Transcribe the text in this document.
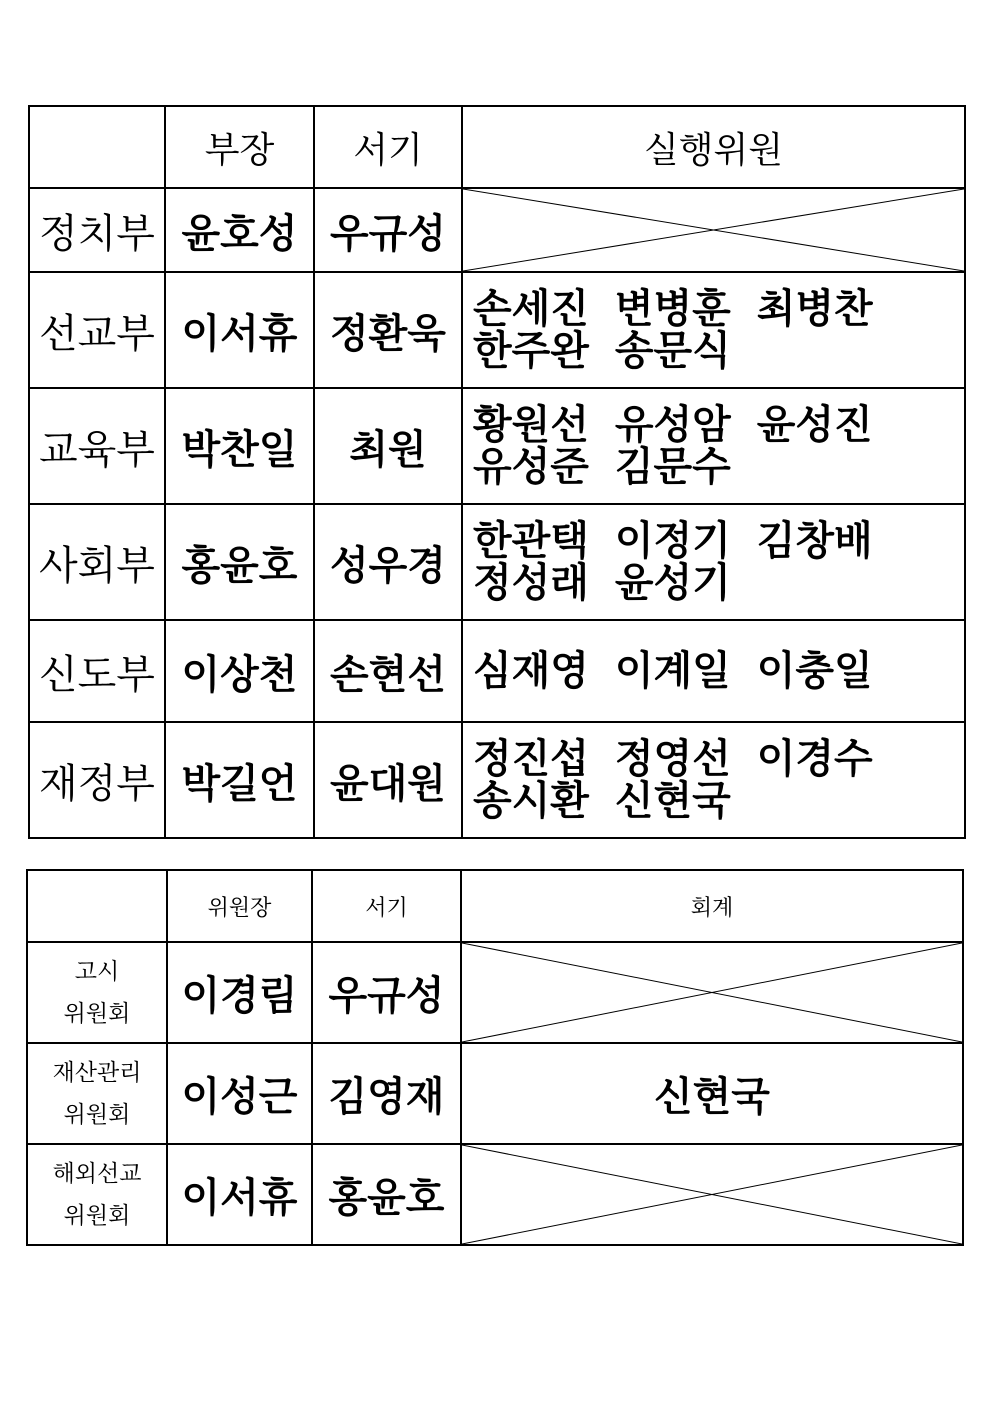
	부장	서기	실행위원
정치부	윤호성	우규성	

선교부	이서휴	정환욱	손세진 변병훈 최병찬
한주완 송문식

교육부	박찬일	최원	황원선 유성암 윤성진
유성준 김문수

사회부	홍윤호	성우경	한관택 이정기 김창배
정성래 윤성기

신도부	이상천	손현선	심재영 이계일 이충일

재정부	박길언	윤대원	정진섭 정영선 이경수
송시환 신현국
	위원장	서기	회계

고시
위원회	이경림	우규성	

재산관리
위원회	이성근	김영재	신현국

해외선교
위원회	이서휴	홍윤호	
